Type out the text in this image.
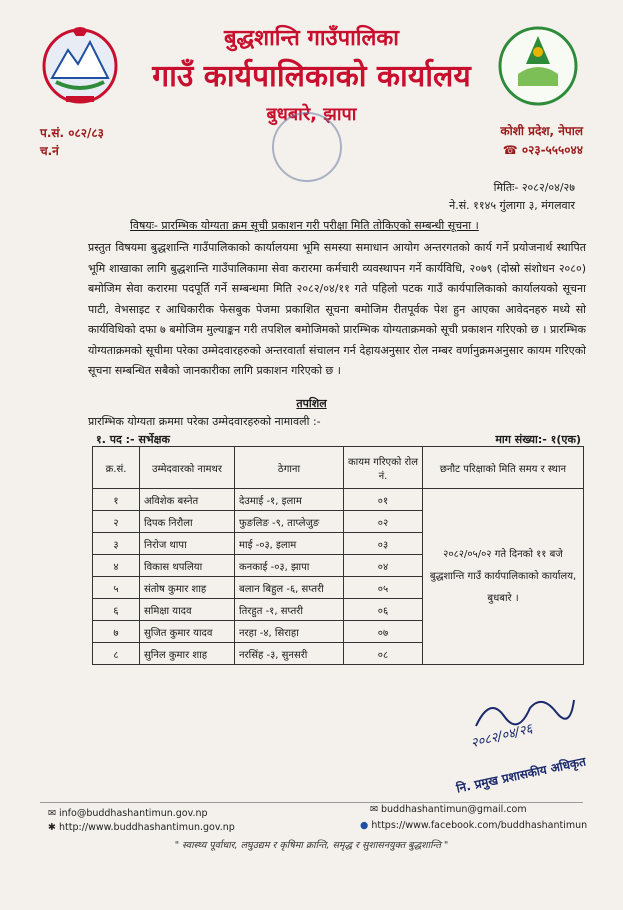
बुद्धशान्ति गाउँपालिका
गाउँ कार्यपालिकाको कार्यालय
बुधबारे, झापा
प.सं. ०८२/८३
च.नं
कोशी प्रदेश, नेपाल
☎ ०२३-५५५०४४
मितिः- २०८२/०४/२७
ने.सं. ११४५ गुंलागा ३, मंगलवार
विषयः- प्रारम्भिक योग्यता क्रम सूची प्रकाशन गरी परीक्षा मिति तोकिएको सम्बन्धी सूचना ।
प्रस्तुत विषयमा बुद्धशान्ति गाउँपालिकाको कार्यालयमा भूमि समस्या समाधान आयोग अन्तरगतको कार्य गर्ने प्रयोजनार्थ स्थापित भूमि शाखाका लागि बुद्धशान्ति गाउँपालिकामा सेवा करारमा कर्मचारी व्यवस्थापन गर्ने कार्यविधि, २०७९ (दोस्रो संशोधन २०८०) बमोजिम सेवा करारमा पदपूर्ति गर्ने सम्बन्धमा मिति २०८२/०४/११ गते पहिलो पटक गाउँ कार्यपालिकाको कार्यालयको सूचना पाटी, वेभसाइट र आधिकारीक फेसबुक पेजमा प्रकाशित सूचना बमोजिम रीतपूर्वक पेश हुन आएका आवेदनहरु मध्ये सो कार्यविधिको दफा ७ बमोजिम मुल्याङ्कन गरी तपशिल बमोजिमको प्रारम्भिक योग्यताक्रमको सूची प्रकाशन गरिएको छ । प्रारम्भिक योग्यताक्रमको सूचीमा परेका उम्मेदवारहरुको अन्तरवार्ता संचालन गर्न देहायअनुसार रोल नम्बर वर्णानुक्रमअनुसार कायम गरिएको सूचना सम्बन्धित सबैको जानकारीका लागि प्रकाशन गरिएको छ ।
तपशिल
प्रारम्भिक योग्यता क्रममा परेका उम्मेदवारहरुको नामावली :-
१. पद :- सर्भेक्षक	माग संख्या:- १(एक)
क्र.सं.	उम्मेदवारको नामथर	ठेगाना	कायम गरिएको रोल नं.	छनौट परिक्षाको मिति समय र स्थान
१	अविशेक बस्नेत	देउमाई -१, इलाम	०१	२०८२/०५/०२ गते दिनको ११ बजे
बुद्धशान्ति गाउँ कार्यपालिकाको कार्यालय, बुधबारे ।

२	दिपक निरौला	फुङलिङ -९, ताप्लेजुङ	०२	
३	निरोज थापा	माई -०३, इलाम	०३	
४	विकास थपलिया	कनकाई -०३, झापा	०४	
५	संतोष कुमार शाह	बलान बिहुल -६, सप्तरी	०५	
६	समिक्षा यादव	तिरहुत -१, सप्तरी	०६	
७	सुजित कुमार यादव	नरहा -४, सिराहा	०७	
८	सुनिल कुमार शाह	नरसिंह -३, सुनसरी	०८	
२०८२/०४/२६
नि. प्रमुख प्रशासकीय अधिकृत
✉ info@buddhashantimun.gov.np	✉ buddhashantimun@gmail.com
✱ http://www.buddhashantimun.gov.np	● https://www.facebook.com/buddhashantimun
" स्वास्थ्य पूर्वाधार, लघुउद्यम र कृषिमा क्रान्ति, समृद्ध र सुशासनयुक्त बुद्धशान्ति "
